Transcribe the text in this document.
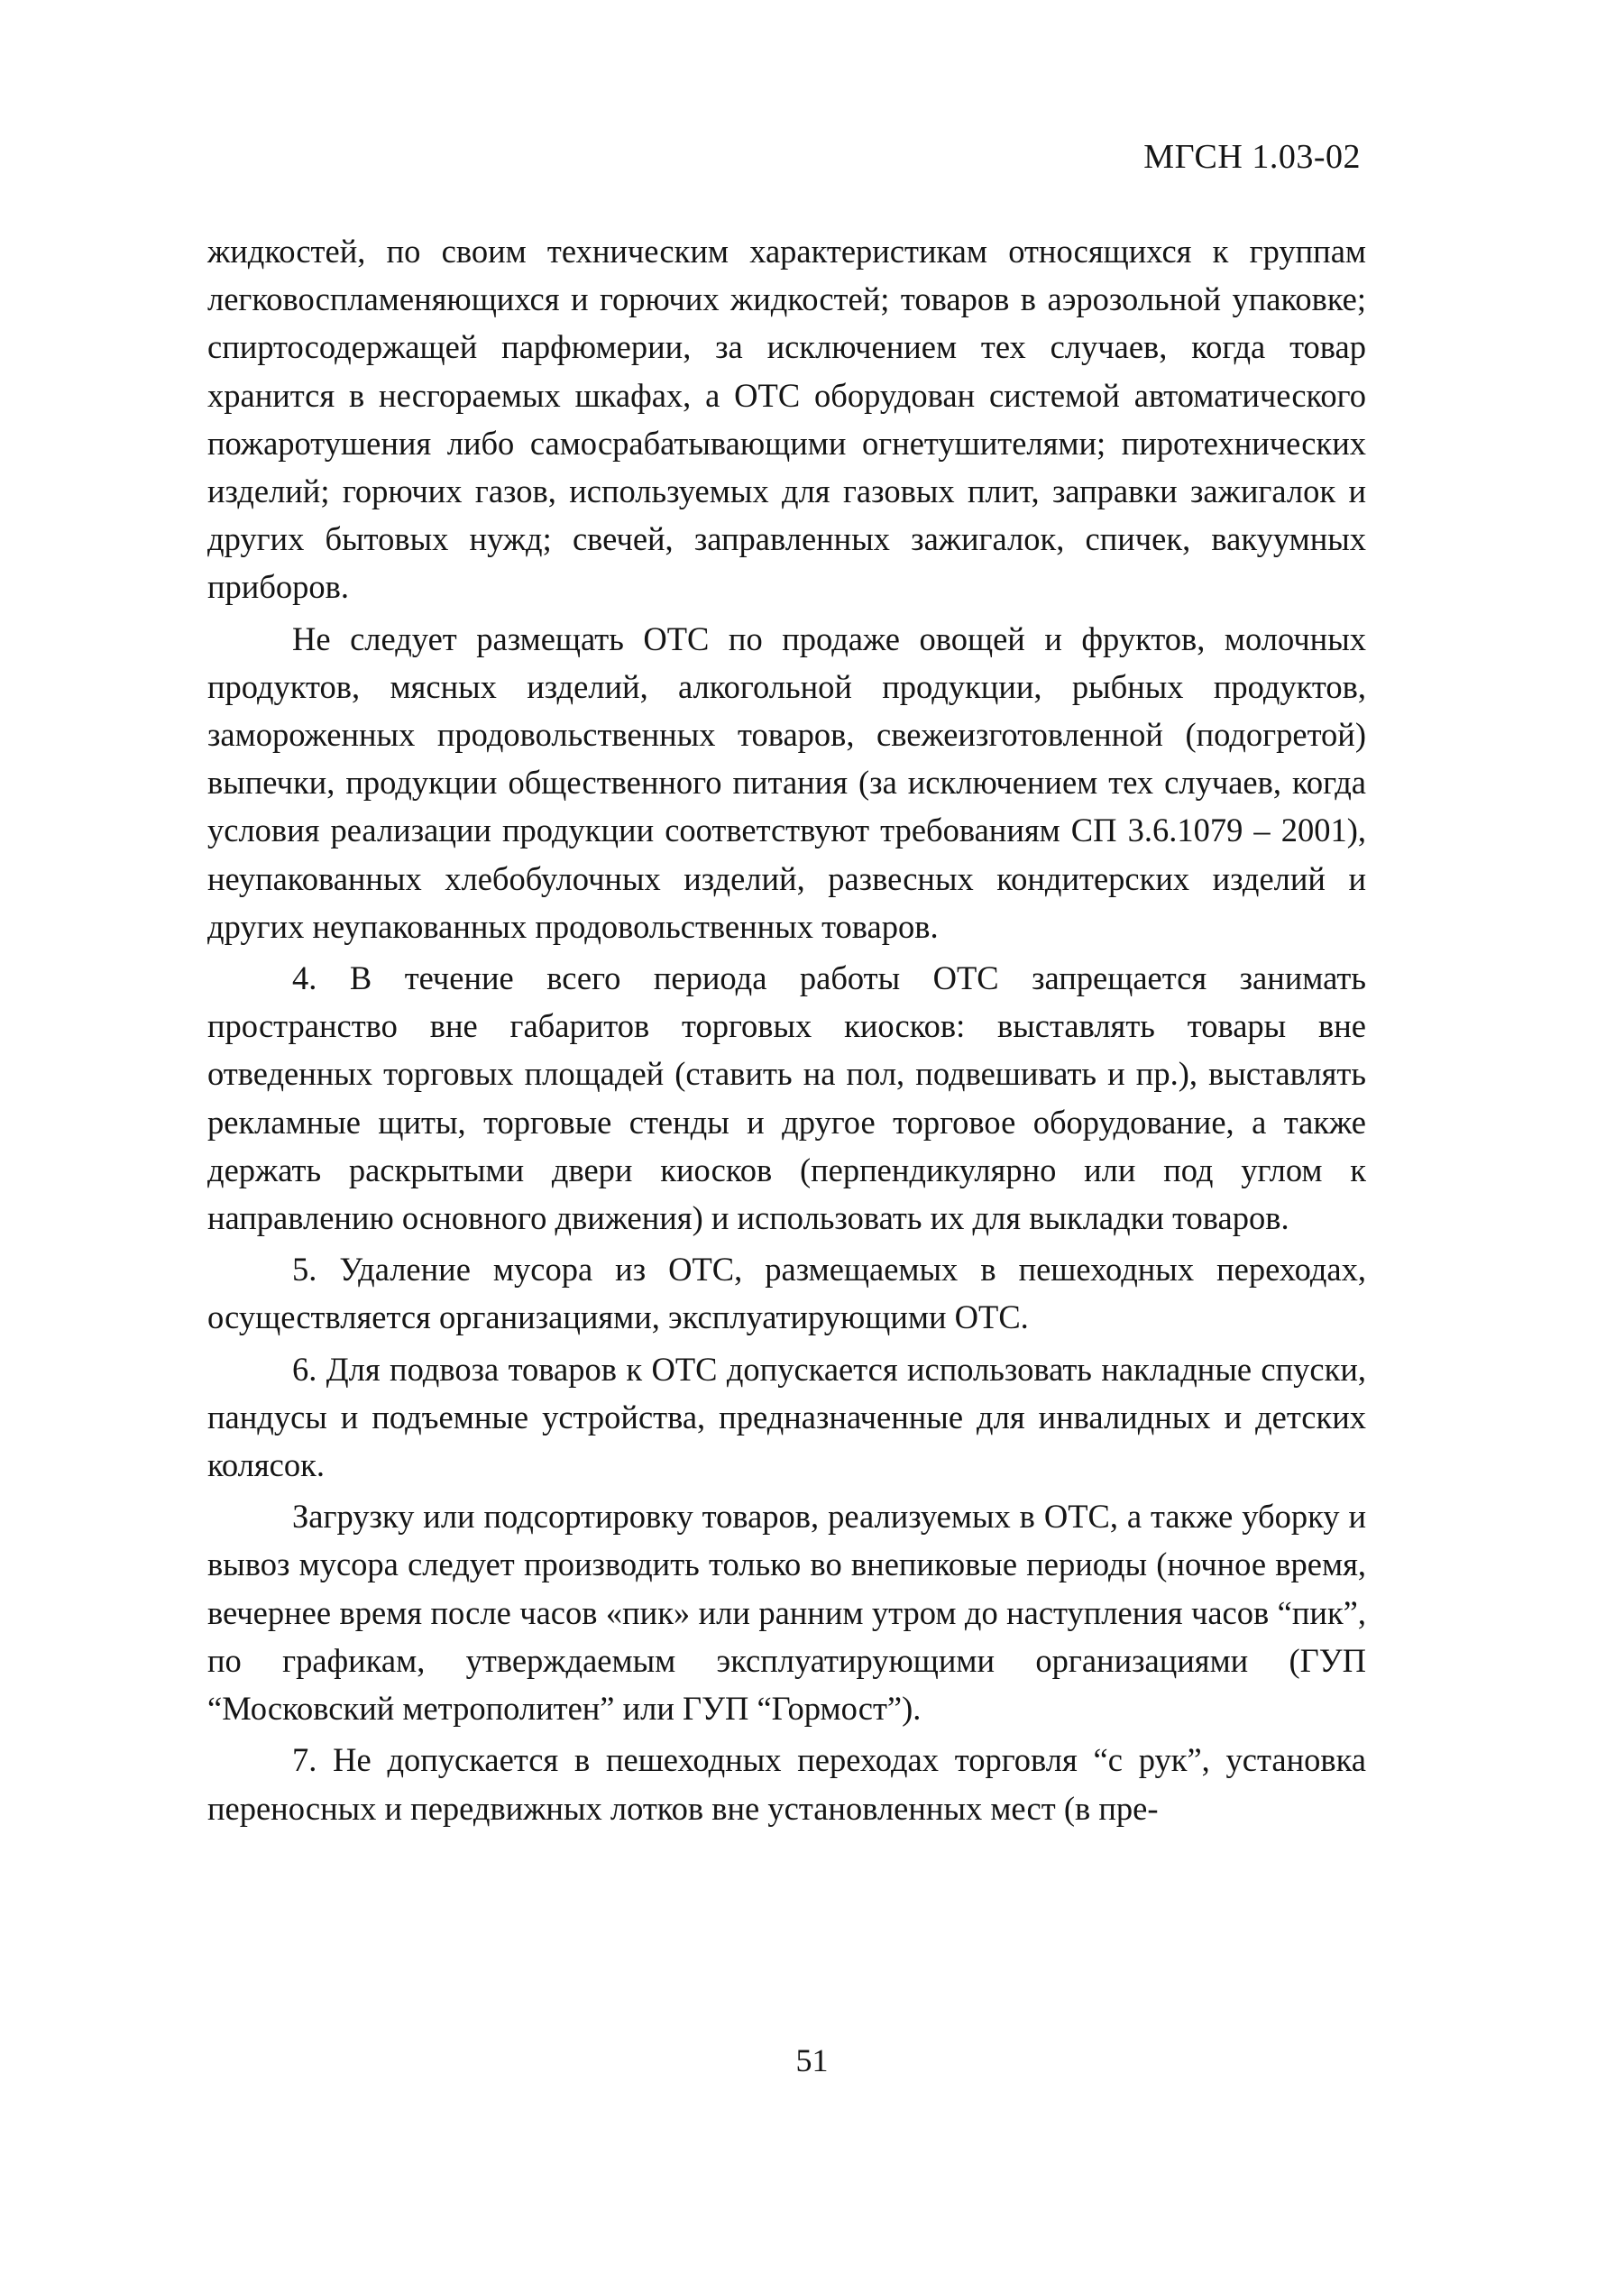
МГСН 1.03-02

жидкостей, по своим техническим характеристикам относящихся к группам легковоспламеняющихся и горючих жидкостей; товаров в аэрозольной упаковке; спиртосодержащей парфюмерии, за исключением тех случаев, когда товар хранится в несгораемых шкафах, а ОТС оборудован системой автоматического пожаротушения либо самосрабатывающими огнетушителями; пиротехнических изделий; горючих газов, используемых для газовых плит, заправки зажигалок и других бытовых нужд; свечей, заправленных зажигалок, спичек, вакуумных приборов.

Не следует размещать ОТС по продаже овощей и фруктов, молочных продуктов, мясных изделий, алкогольной продукции, рыбных продуктов, замороженных продовольственных товаров, свежеизготовленной (подогретой) выпечки, продукции общественного питания (за исключением тех случаев, когда условия реализации продукции соответствуют требованиям СП 3.6.1079 – 2001), неупакованных хлебобулочных изделий, развесных кондитерских изделий и других неупакованных продовольственных товаров.

4. В течение всего периода работы ОТС запрещается занимать пространство вне габаритов торговых киосков: выставлять товары вне отведенных торговых площадей (ставить на пол, подвешивать и пр.), выставлять рекламные щиты, торговые стенды и другое торговое оборудование, а также держать раскрытыми двери киосков (перпендикулярно или под углом к направлению основного движения) и использовать их для выкладки товаров.

5. Удаление мусора из ОТС, размещаемых в пешеходных переходах, осуществляется организациями, эксплуатирующими ОТС.

6. Для подвоза товаров к ОТС допускается использовать накладные спуски, пандусы и подъемные устройства, предназначенные для инвалидных и детских колясок.

Загрузку или подсортировку товаров, реализуемых в ОТС, а также уборку и вывоз мусора следует производить только во внепиковые периоды (ночное время, вечернее время после часов «пик» или ранним утром до наступления часов “пик”, по графикам, утверждаемым эксплуатирующими организациями (ГУП “Московский метрополитен” или ГУП “Гормост”).

7. Не допускается в пешеходных переходах торговля “с рук”, установка переносных и передвижных лотков вне установленных мест (в пре-

51
